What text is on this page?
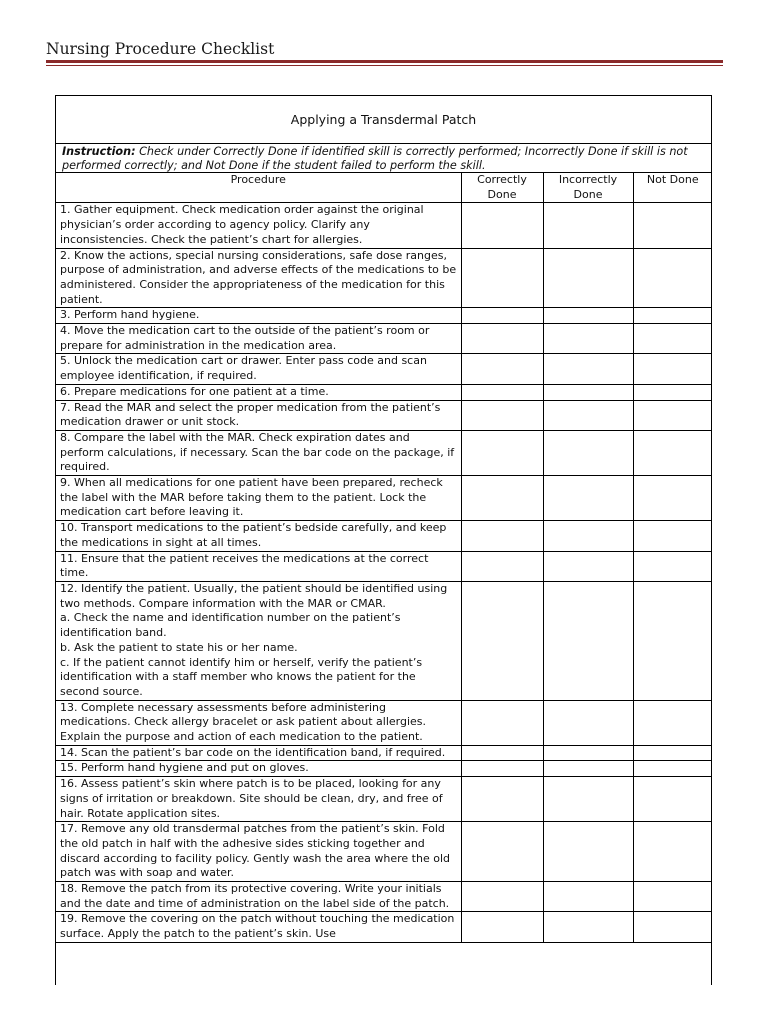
Nursing Procedure Checklist
Applying a Transdermal Patch
Instruction: Check under Correctly Done if identified skill is correctly performed; Incorrectly Done if skill is not performed correctly; and Not Done if the student failed to perform the skill.
Procedure	Correctly Done	Incorrectly Done	Not Done
1. Gather equipment. Check medication order against the original physician’s order according to agency policy. Clarify any inconsistencies. Check the patient’s chart for allergies.			
2. Know the actions, special nursing considerations, safe dose ranges, purpose of administration, and adverse effects of the medications to be administered. Consider the appropriateness of the medication for this patient.			
3. Perform hand hygiene.			
4. Move the medication cart to the outside of the patient’s room or prepare for administration in the medication area.			
5. Unlock the medication cart or drawer. Enter pass code and scan employee identification, if required.			
6. Prepare medications for one patient at a time.			
7. Read the MAR and select the proper medication from the patient’s medication drawer or unit stock.			
8. Compare the label with the MAR. Check expiration dates and perform calculations, if necessary. Scan the bar code on the package, if required.			
9. When all medications for one patient have been prepared, recheck the label with the MAR before taking them to the patient. Lock the medication cart before leaving it.			
10. Transport medications to the patient’s bedside carefully, and keep the medications in sight at all times.			
11. Ensure that the patient receives the medications at the correct time.			
12. Identify the patient. Usually, the patient should be identified using two methods. Compare information with the MAR or CMAR.
a. Check the name and identification number on the patient’s identification band.
b. Ask the patient to state his or her name.
c. If the patient cannot identify him or herself, verify the patient’s identification with a staff member who knows the patient for the second source.			
13. Complete necessary assessments before administering medications. Check allergy bracelet or ask patient about allergies. Explain the purpose and action of each medication to the patient.			
14. Scan the patient’s bar code on the identification band, if required.			
15. Perform hand hygiene and put on gloves.			
16. Assess patient’s skin where patch is to be placed, looking for any signs of irritation or breakdown. Site should be clean, dry, and free of hair. Rotate application sites.			
17. Remove any old transdermal patches from the patient’s skin. Fold the old patch in half with the adhesive sides sticking together and discard according to facility policy. Gently wash the area where the old patch was with soap and water.			
18. Remove the patch from its protective covering. Write your initials and the date and time of administration on the label side of the patch.			
19. Remove the covering on the patch without touching the medication surface. Apply the patch to the patient’s skin. Use			
